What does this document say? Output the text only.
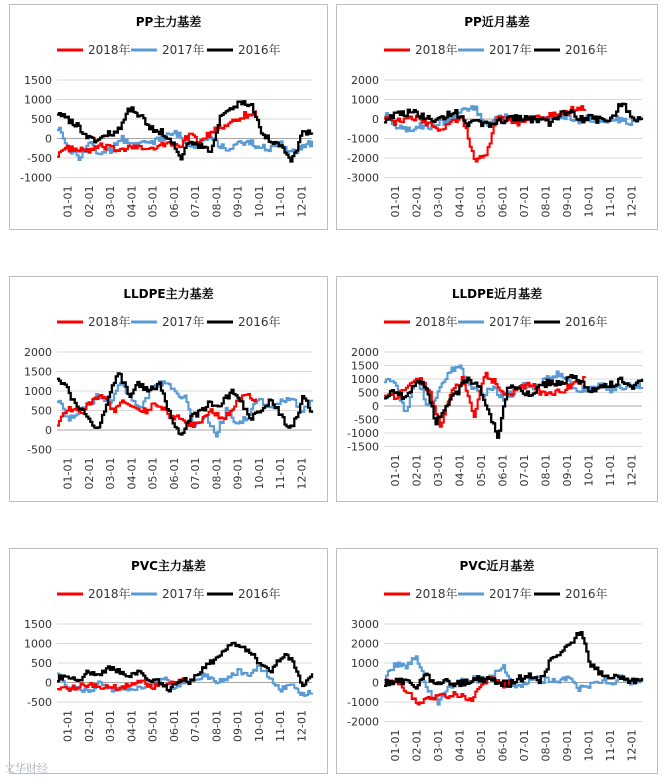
PP主力基差
2018年	2017年	2016年
1500
1000
500
0
-500
-1000
01-01 02-01 03-01 04-01 05-01 06-01 07-01 08-01 09-01 10-01 11-01 12-01
PP近月基差
2018年	2017年	2016年
2000
1000
0
-1000
-2000
-3000
01-01 02-01 03-01 04-01 05-01 06-01 07-01 08-01 09-01 10-01 11-01 12-01
LLDPE主力基差
2018年	2017年	2016年
2000
1500
1000
500
0
-500
01-01 02-01 03-01 04-01 05-01 06-01 07-01 08-01 09-01 10-01 11-01 12-01
LLDPE近月基差
2018年	2017年	2016年
2000
1500
1000
500
0
-500
-1000
-1500
01-01 02-01 03-01 04-01 05-01 06-01 07-01 08-01 09-01 10-01 11-01 12-01
PVC主力基差
2018年	2017年	2016年
1500
1000
500
0
-500
01-01 02-01 03-01 04-01 05-01 06-01 07-01 08-01 09-01 10-01 11-01 12-01
PVC近月基差
2018年	2017年	2016年
3000
2000
1000
0
-1000
-2000
01-01 02-01 03-01 04-01 05-01 06-01 07-01 08-01 09-01 10-01 11-01 12-01
文华财经
